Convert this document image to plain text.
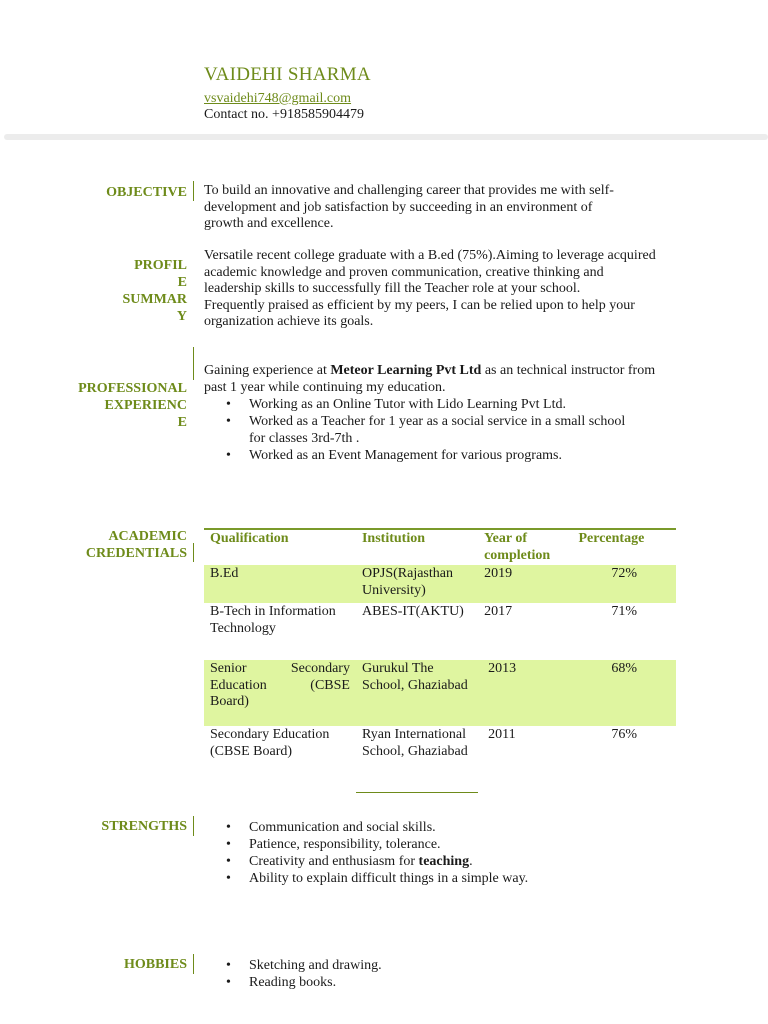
VAIDEHI SHARMA
vsvaidehi748@gmail.com
Contact no. +918585904479
OBJECTIVE To build an innovative and challenging career that provides me with self-development and job satisfaction by succeeding in an environment of growth and excellence.
PROFIL
E
SUMMAR
Y
Versatile recent college graduate with a B.ed (75%).Aiming to leverage acquired academic knowledge and proven communication, creative thinking and leadership skills to successfully fill the Teacher role at your school.
Frequently praised as efficient by my peers, I can be relied upon to help your organization achieve its goals.
PROFESSIONAL
EXPERIENC
E
Gaining experience at Meteor Learning Pvt Ltd as an technical instructor from past 1 year while continuing my education.
• Working as an Online Tutor with Lido Learning Pvt Ltd.
• Worked as a Teacher for 1 year as a social service in a small school for classes 3rd-7th .
• Worked as an Event Management for various programs.
ACADEMIC
CREDENTIALS
Qualification	Institution	Year of completion	Percentage
B.Ed	OPJS(Rajasthan University)	2019	72%
B-Tech in Information Technology	ABES-IT(AKTU)	2017	71%
Senior Secondary Education (CBSE Board)	Gurukul The School, Ghaziabad	2013	68%
Secondary Education (CBSE Board)	Ryan International School, Ghaziabad	2011	76%
STRENGTHS	• Communication and social skills.
• Patience, responsibility, tolerance.
• Creativity and enthusiasm for teaching.
• Ability to explain difficult things in a simple way.
HOBBIES	• Sketching and drawing.
• Reading books.
